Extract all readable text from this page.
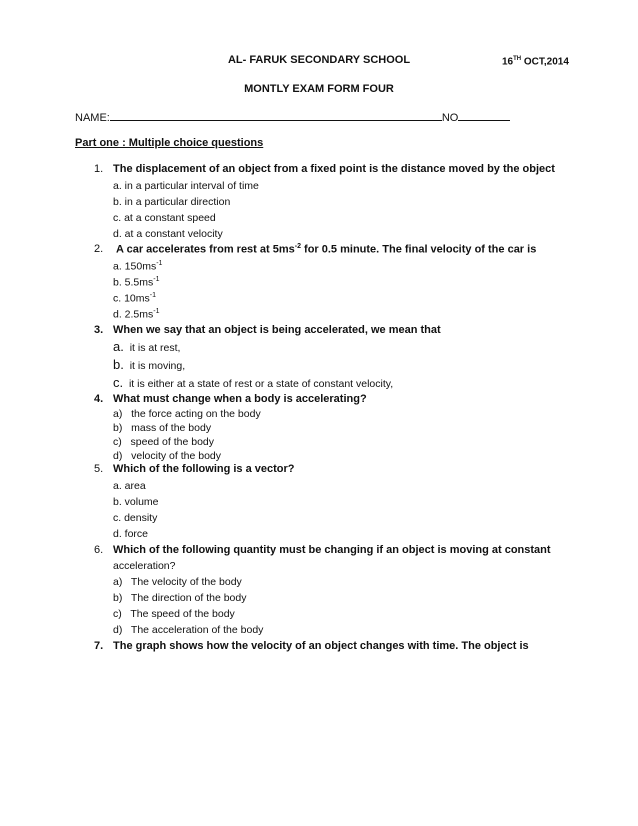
AL- FARUK SECONDARY SCHOOL	16TH OCT,2014
MONTLY EXAM FORM FOUR
NAME:	NO
Part one : Multiple choice questions
1. The displacement of an object from a fixed point is the distance moved by the object
a. in a particular interval of time
b. in a particular direction
c. at a constant speed
d. at a constant velocity
2. A car accelerates from rest at $5ms^{-2}$ for 0.5 minute. The final velocity of the car is
a. $150ms^{-1}$
b. $5.5ms^{-1}$
c. $10ms^{-1}$
d. $2.5ms^{-1}$
3. When we say that an object is being accelerated, we mean that
a. it is at rest,
b. it is moving,
c. it is either at a state of rest or a state of constant velocity,
4. What must change when a body is accelerating?
a) the force acting on the body
b) mass of the body
c) speed of the body
d) velocity of the body
5. Which of the following is a vector?
a. area
b. volume
c. density
d. force
6. Which of the following quantity must be changing if an object is moving at constant
acceleration?
a) The velocity of the body
b) The direction of the body
c) The speed of the body
d) The acceleration of the body
7. The graph shows how the velocity of an object changes with time. The object is
